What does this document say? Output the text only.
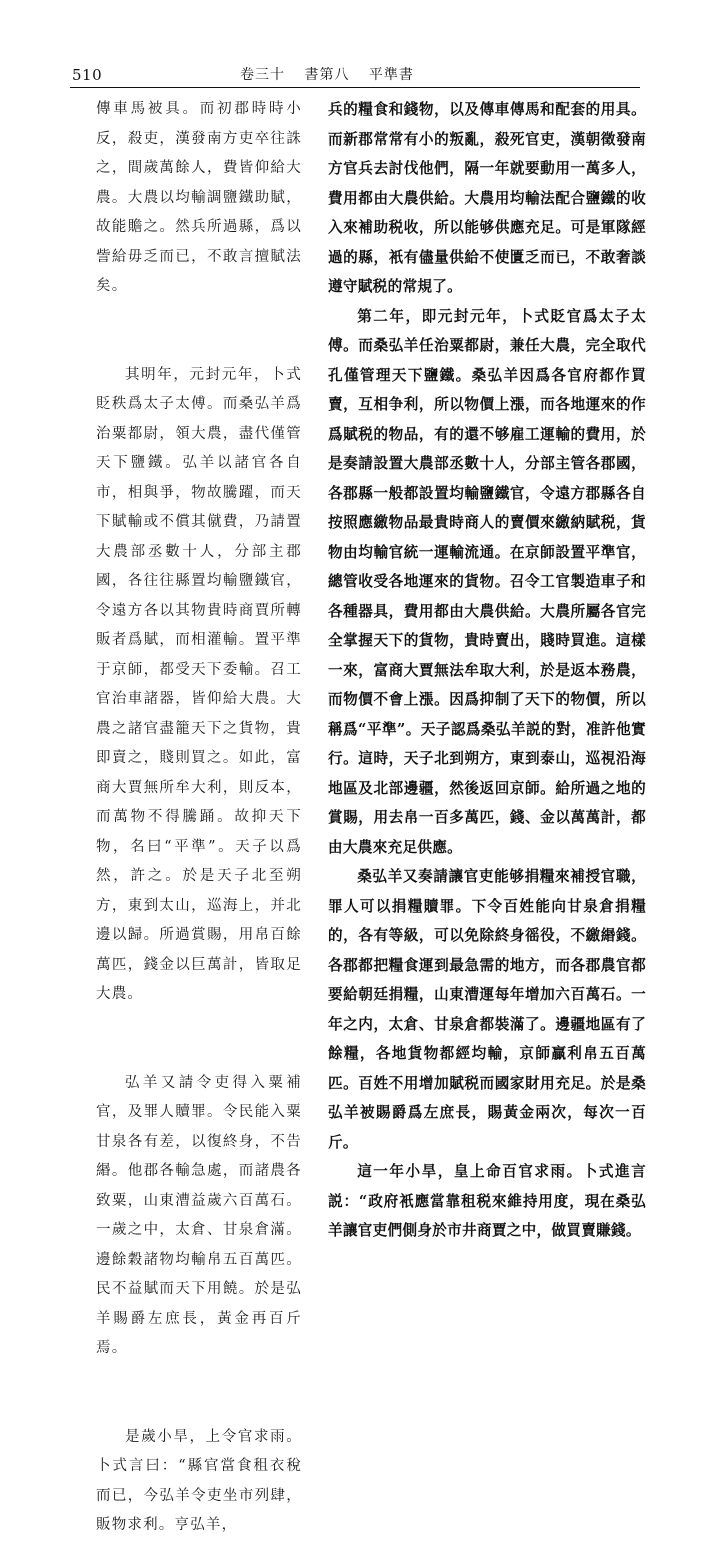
510	卷三十 書第八 平準書

傳車馬被具。而初郡時時小反，殺吏，漢發南方吏卒往誅之，間歲萬餘人，費皆仰給大農。大農以均輸調鹽鐵助賦，故能贍之。然兵所過縣，爲以訾給毋乏而已，不敢言擅賦法矣。

其明年，元封元年，卜式貶秩爲太子太傅。而桑弘羊爲治粟都尉，領大農，盡代僅管天下鹽鐵。弘羊以諸官各自市，相與爭，物故騰躍，而天下賦輸或不償其僦費，乃請置大農部丞數十人，分部主郡國，各往往縣置均輸鹽鐵官，令遠方各以其物貴時商賈所轉販者爲賦，而相灌輸。置平準于京師，都受天下委輸。召工官治車諸器，皆仰給大農。大農之諸官盡籠天下之貨物，貴即賣之，賤則買之。如此，富商大賈無所牟大利，則反本，而萬物不得騰踊。故抑天下物，名曰“平準”。天子以爲然，許之。於是天子北至朔方，東到太山，巡海上，并北邊以歸。所過賞賜，用帛百餘萬匹，錢金以巨萬計，皆取足大農。

弘羊又請令吏得入粟補官，及罪人贖罪。令民能入粟甘泉各有差，以復終身，不告緡。他郡各輸急處，而諸農各致粟，山東漕益歲六百萬石。一歲之中，太倉、甘泉倉滿。邊餘穀諸物均輸帛五百萬匹。民不益賦而天下用饒。於是弘羊賜爵左庶長，黃金再百斤焉。

是歲小旱，上令官求雨。卜式言曰：“縣官當食租衣稅而已，今弘羊令吏坐市列肆，販物求利。亨弘羊，

兵的糧食和錢物，以及傳車傳馬和配套的用具。而新郡常常有小的叛亂，殺死官吏，漢朝徵發南方官兵去討伐他們，隔一年就要動用一萬多人，費用都由大農供給。大農用均輸法配合鹽鐵的收入來補助税收，所以能够供應充足。可是軍隊經過的縣，衹有儘量供給不使匱乏而已，不敢奢談遵守賦税的常規了。

第二年，即元封元年，卜式貶官爲太子太傅。而桑弘羊任治粟都尉，兼任大農，完全取代孔僅管理天下鹽鐵。桑弘羊因爲各官府都作買賣，互相争利，所以物價上漲，而各地運來的作爲賦税的物品，有的還不够雇工運輸的費用，於是奏請設置大農部丞數十人，分部主管各郡國，各郡縣一般都設置均輸鹽鐵官，令遠方郡縣各自按照應繳物品最貴時商人的賣價來繳納賦税，貨物由均輸官統一運輸流通。在京師設置平準官，總管收受各地運來的貨物。召令工官製造車子和各種器具，費用都由大農供給。大農所屬各官完全掌握天下的貨物，貴時賣出，賤時買進。這樣一來，富商大賈無法牟取大利，於是返本務農，而物價不會上漲。因爲抑制了天下的物價，所以稱爲“平準”。天子認爲桑弘羊説的對，准許他實行。這時，天子北到朔方，東到泰山，巡視沿海地區及北部邊疆，然後返回京師。給所過之地的賞賜，用去帛一百多萬匹，錢、金以萬萬計，都由大農來充足供應。

桑弘羊又奏請讓官吏能够捐糧來補授官職，罪人可以捐糧贖罪。下令百姓能向甘泉倉捐糧的，各有等級，可以免除終身徭役，不繳緡錢。各郡都把糧食運到最急需的地方，而各郡農官都要給朝廷捐糧，山東漕運每年增加六百萬石。一年之内，太倉、甘泉倉都裝滿了。邊疆地區有了餘糧，各地貨物都經均輸，京師贏利帛五百萬匹。百姓不用增加賦税而國家財用充足。於是桑弘羊被賜爵爲左庶長，賜黃金兩次，每次一百斤。

這一年小旱，皇上命百官求雨。卜式進言説：“政府衹應當靠租税來維持用度，現在桑弘羊讓官吏們側身於市井商賈之中，做買賣賺錢。
